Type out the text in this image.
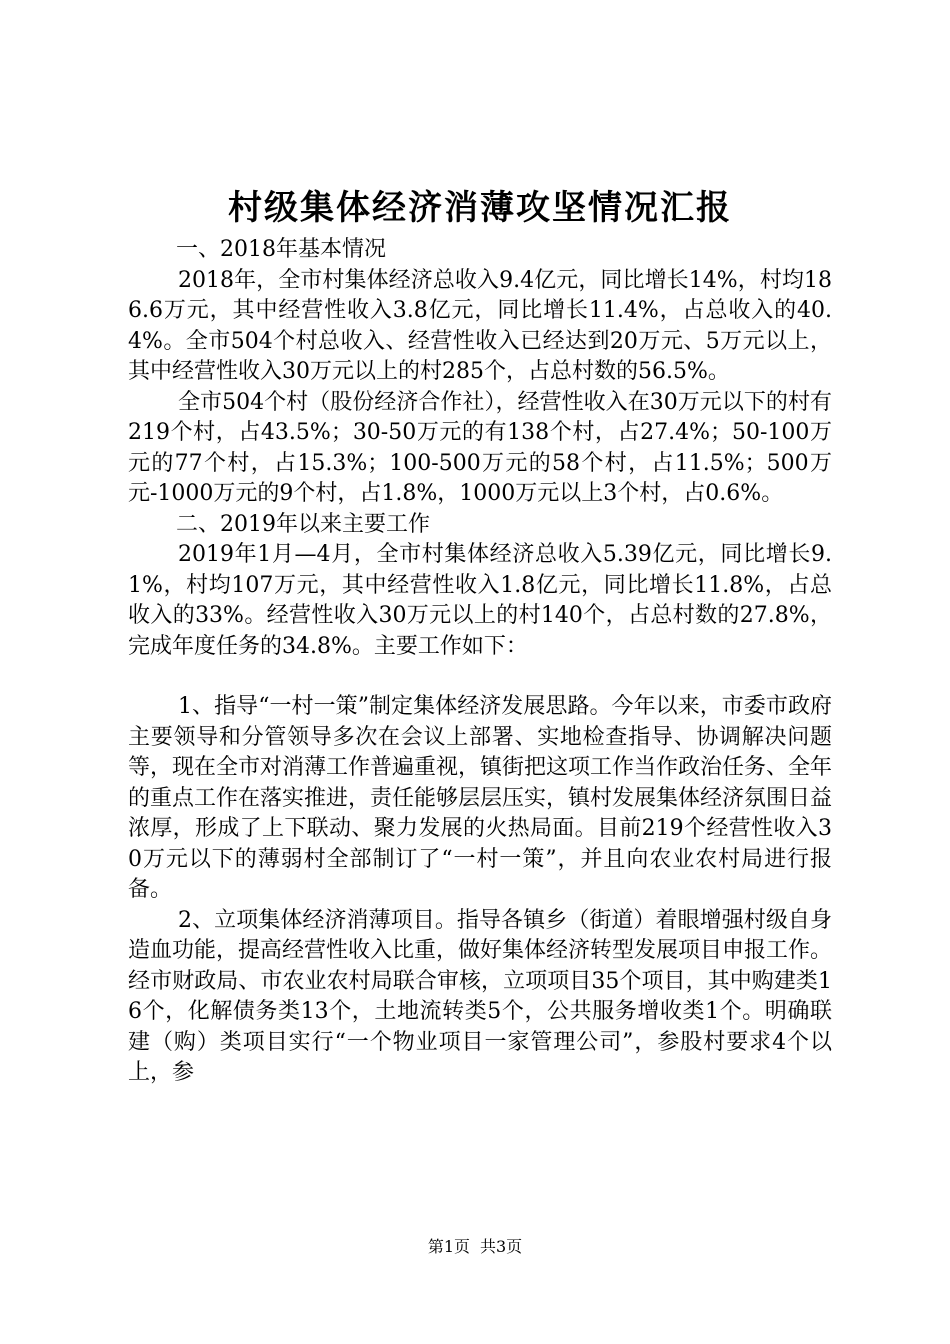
村级集体经济消薄攻坚情况汇报

一、2018年基本情况

2018年，全市村集体经济总收入9.4亿元，同比增长14%，村均186.6万元，其中经营性收入3.8亿元，同比增长11.4%，占总收入的40.4%。全市504个村总收入、经营性收入已经达到20万元、5万元以上，其中经营性收入30万元以上的村285个，占总村数的56.5%。

全市504个村（股份经济合作社），经营性收入在30万元以下的村有219个村，占43.5%；30-50万元的有138个村，占27.4%；50-100万元的77个村，占15.3%；100-500万元的58个村，占11.5%；500万元-1000万元的9个村，占1.8%，1000万元以上3个村，占0.6%。

二、2019年以来主要工作

2019年1月—4月，全市村集体经济总收入5.39亿元，同比增长9.1%，村均107万元，其中经营性收入1.8亿元，同比增长11.8%，占总收入的33%。经营性收入30万元以上的村140个，占总村数的27.8%，完成年度任务的34.8%。主要工作如下：

1、指导“一村一策”制定集体经济发展思路。今年以来，市委市政府主要领导和分管领导多次在会议上部署、实地检查指导、协调解决问题等，现在全市对消薄工作普遍重视，镇街把这项工作当作政治任务、全年的重点工作在落实推进，责任能够层层压实，镇村发展集体经济氛围日益浓厚，形成了上下联动、聚力发展的火热局面。目前219个经营性收入30万元以下的薄弱村全部制订了“一村一策”，并且向农业农村局进行报备。

2、立项集体经济消薄项目。指导各镇乡（街道）着眼增强村级自身造血功能，提高经营性收入比重，做好集体经济转型发展项目申报工作。经市财政局、市农业农村局联合审核，立项项目35个项目，其中购建类16个，化解债务类13个，土地流转类5个，公共服务增收类1个。明确联建（购）类项目实行“一个物业项目一家管理公司”，参股村要求4个以上，参

第1页 共3页
